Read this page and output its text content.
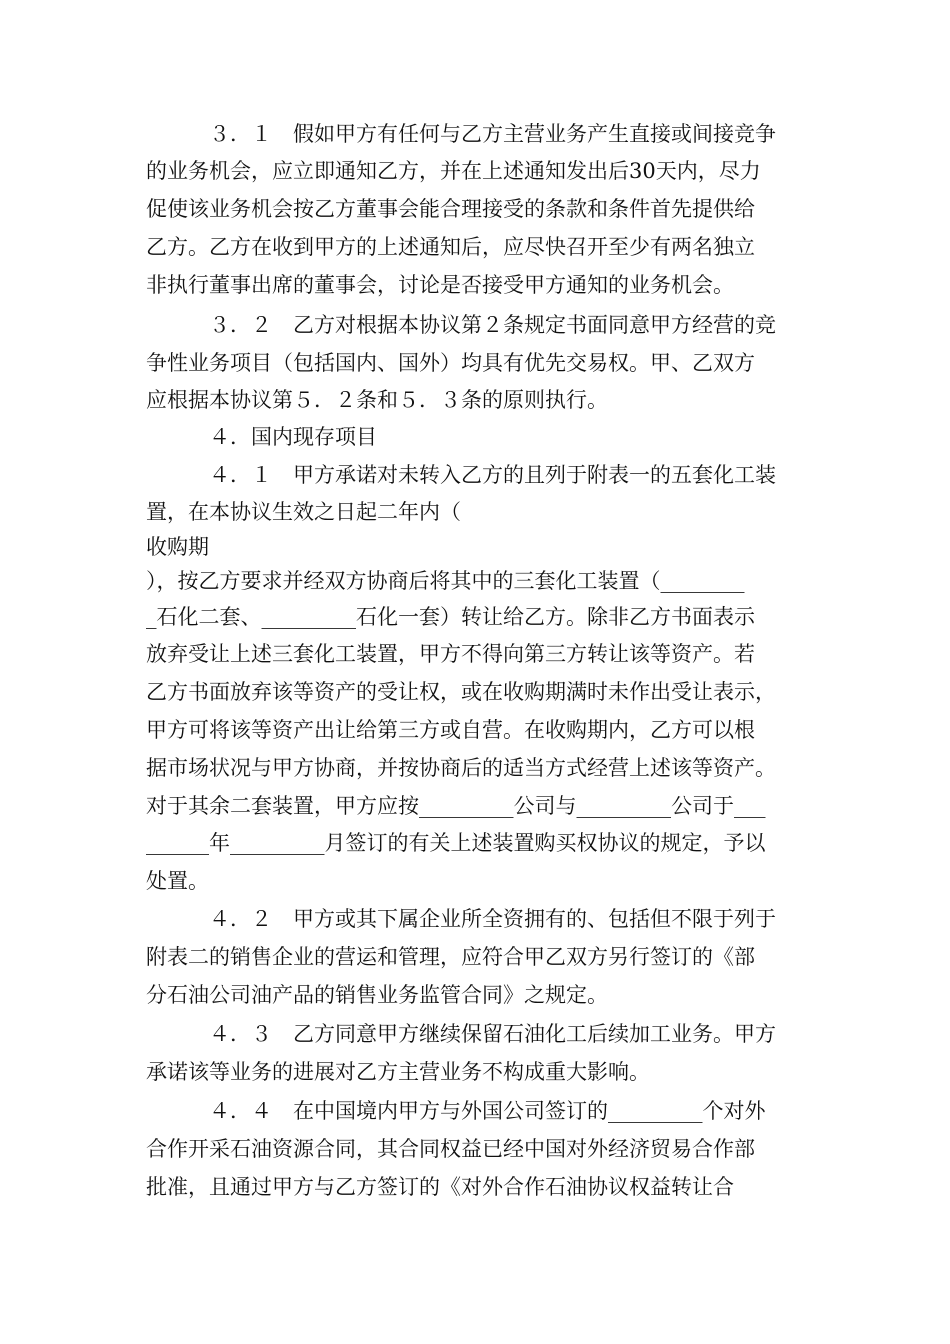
　　　３．１　假如甲方有任何与乙方主营业务产生直接或间接竞争
的业务机会，应立即通知乙方，并在上述通知发出后30天内，尽力
促使该业务机会按乙方董事会能合理接受的条款和条件首先提供给
乙方。乙方在收到甲方的上述通知后，应尽快召开至少有两名独立
非执行董事出席的董事会，讨论是否接受甲方通知的业务机会。
　　　３．２　乙方对根据本协议第２条规定书面同意甲方经营的竞
争性业务项目（包括国内、国外）均具有优先交易权。甲、乙双方
应根据本协议第５．２条和５．３条的原则执行。
　　　４．国内现存项目
　　　４．１　甲方承诺对未转入乙方的且列于附表一的五套化工装
置，在本协议生效之日起二年内（
收购期
），按乙方要求并经双方协商后将其中的三套化工装置（________
_石化二套、_________石化一套）转让给乙方。除非乙方书面表示
放弃受让上述三套化工装置，甲方不得向第三方转让该等资产。若
乙方书面放弃该等资产的受让权，或在收购期满时未作出受让表示，
甲方可将该等资产出让给第三方或自营。在收购期内，乙方可以根
据市场状况与甲方协商，并按协商后的适当方式经营上述该等资产。
对于其余二套装置，甲方应按_________公司与_________公司于___
______年_________月签订的有关上述装置购买权协议的规定，予以
处置。
　　　４．２　甲方或其下属企业所全资拥有的、包括但不限于列于
附表二的销售企业的营运和管理，应符合甲乙双方另行签订的《部
分石油公司油产品的销售业务监管合同》之规定。
　　　４．３　乙方同意甲方继续保留石油化工后续加工业务。甲方
承诺该等业务的进展对乙方主营业务不构成重大影响。
　　　４．４　在中国境内甲方与外国公司签订的_________个对外
合作开采石油资源合同，其合同权益已经中国对外经济贸易合作部
批准，且通过甲方与乙方签订的《对外合作石油协议权益转让合
